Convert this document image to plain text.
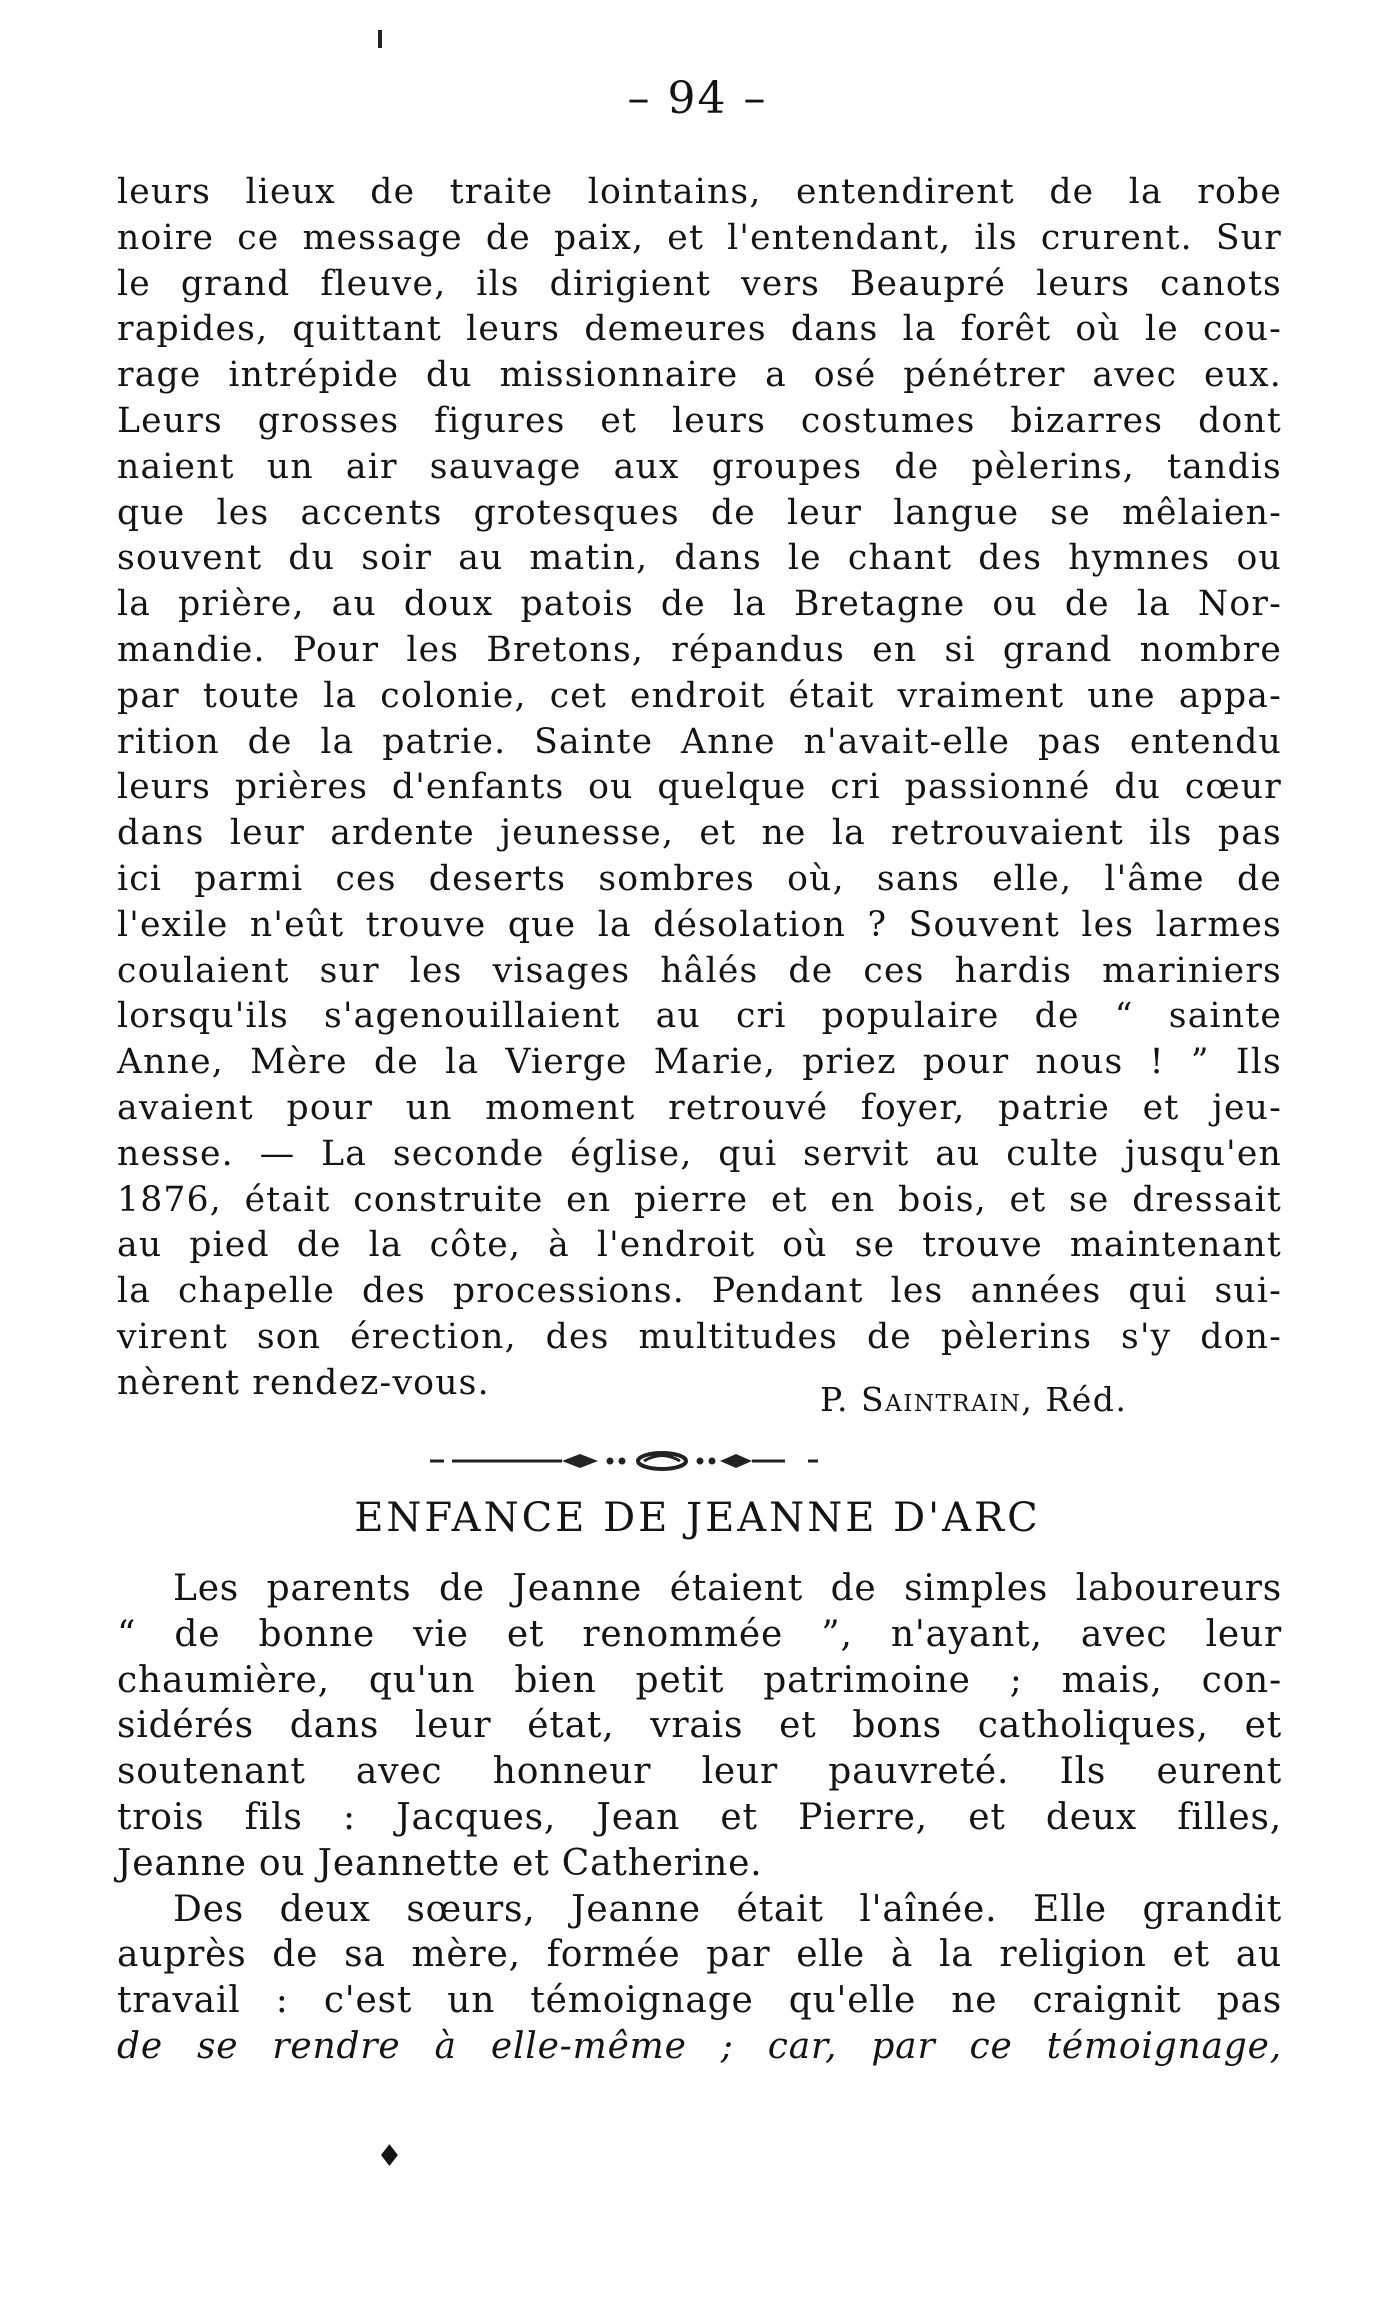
– 94 –
leurs lieux de traite lointains, entendirent de la robe
noire ce message de paix, et l'entendant, ils crurent. Sur
le grand fleuve, ils dirigient vers Beaupré leurs canots
rapides, quittant leurs demeures dans la forêt où le cou-
rage intrépide du missionnaire a osé pénétrer avec eux.
Leurs grosses figures et leurs costumes bizarres dont
naient un air sauvage aux groupes de pèlerins, tandis
que les accents grotesques de leur langue se mêlaien-
souvent du soir au matin, dans le chant des hymnes ou
la prière, au doux patois de la Bretagne ou de la Nor-
mandie. Pour les Bretons, répandus en si grand nombre
par toute la colonie, cet endroit était vraiment une appa-
rition de la patrie. Sainte Anne n'avait-elle pas entendu
leurs prières d'enfants ou quelque cri passionné du cœur
dans leur ardente jeunesse, et ne la retrouvaient ils pas
ici parmi ces deserts sombres où, sans elle, l'âme de
l'exile n'eût trouve que la désolation ? Souvent les larmes
coulaient sur les visages hâlés de ces hardis mariniers
lorsqu'ils s'agenouillaient au cri populaire de “ sainte
Anne, Mère de la Vierge Marie, priez pour nous ! ” Ils
avaient pour un moment retrouvé foyer, patrie et jeu-
nesse. — La seconde église, qui servit au culte jusqu'en
1876, était construite en pierre et en bois, et se dressait
au pied de la côte, à l'endroit où se trouve maintenant
la chapelle des processions. Pendant les années qui sui-
virent son érection, des multitudes de pèlerins s'y don-
nèrent rendez-vous.	P. Saintrain, Réd.
ENFANCE DE JEANNE D'ARC
Les parents de Jeanne étaient de simples laboureurs
“ de bonne vie et renommée ”, n'ayant, avec leur
chaumière, qu'un bien petit patrimoine ; mais, con-
sidérés dans leur état, vrais et bons catholiques, et
soutenant avec honneur leur pauvreté. Ils eurent
trois fils : Jacques, Jean et Pierre, et deux filles,
Jeanne ou Jeannette et Catherine.
Des deux sœurs, Jeanne était l'aînée. Elle grandit
auprès de sa mère, formée par elle à la religion et au
travail : c'est un témoignage qu'elle ne craignit pas
de se rendre à elle-même ; car, par ce témoignage,
♦
